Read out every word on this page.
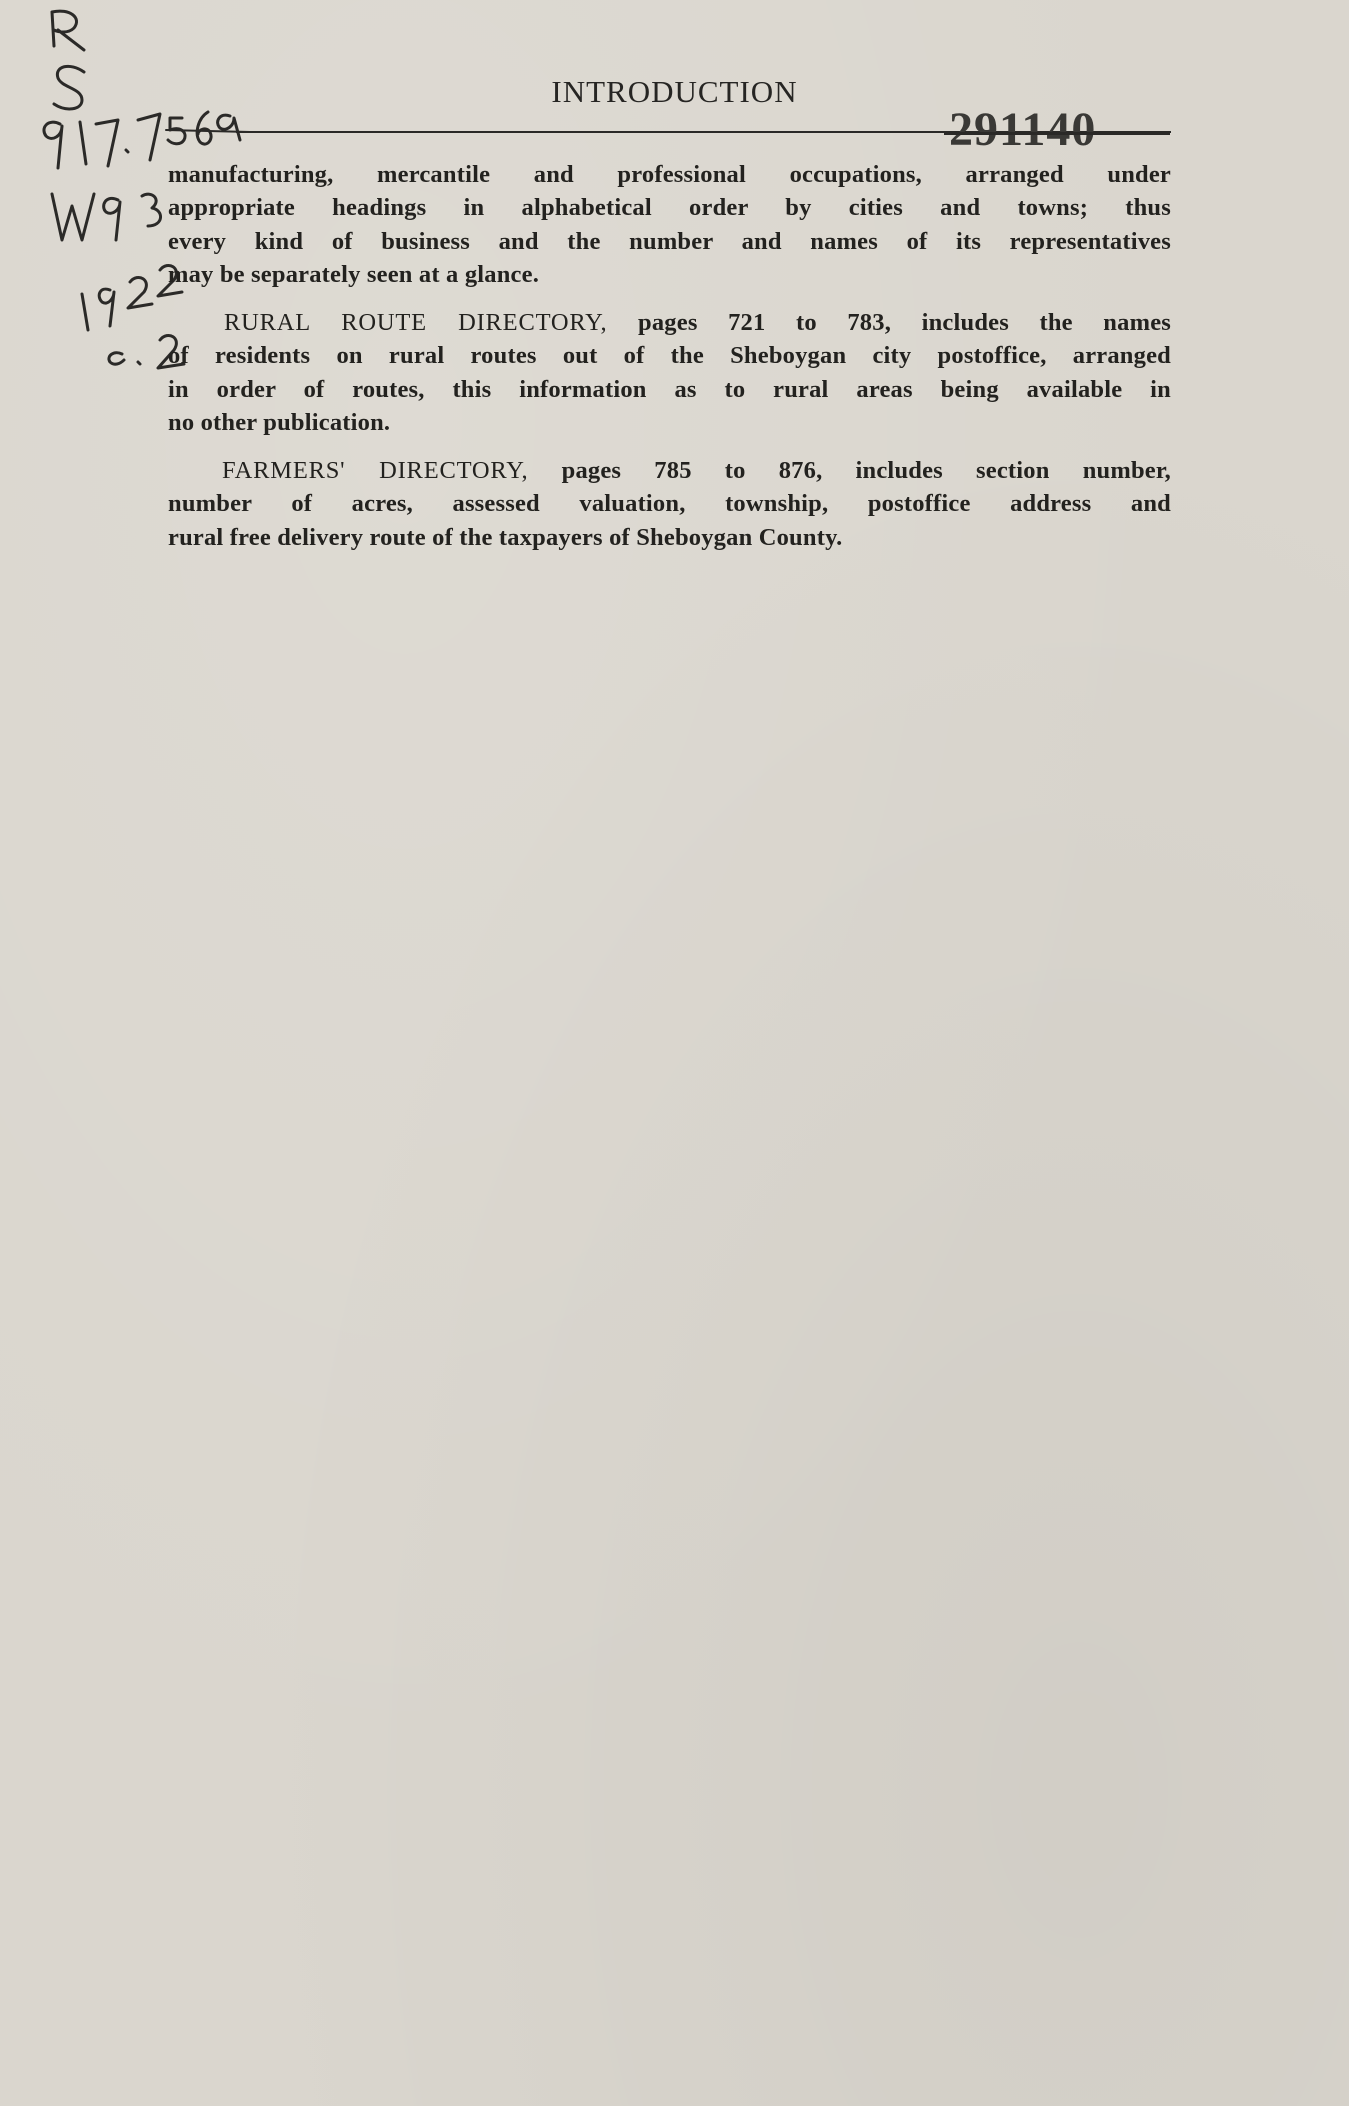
INTRODUCTION
291140
manufacturing, mercantile and professional occupations, arranged under
appropriate headings in alphabetical order by cities and towns; thus
every kind of business and the number and names of its representatives
may be separately seen at a glance.
RURAL ROUTE DIRECTORY, pages 721 to 783, includes the names
of residents on rural routes out of the Sheboygan city postoffice, arranged
in order of routes, this information as to rural areas being available in
no other publication.
FARMERS' DIRECTORY, pages 785 to 876, includes section number,
number of acres, assessed valuation, township, postoffice address and
rural free delivery route of the taxpayers of Sheboygan County.
